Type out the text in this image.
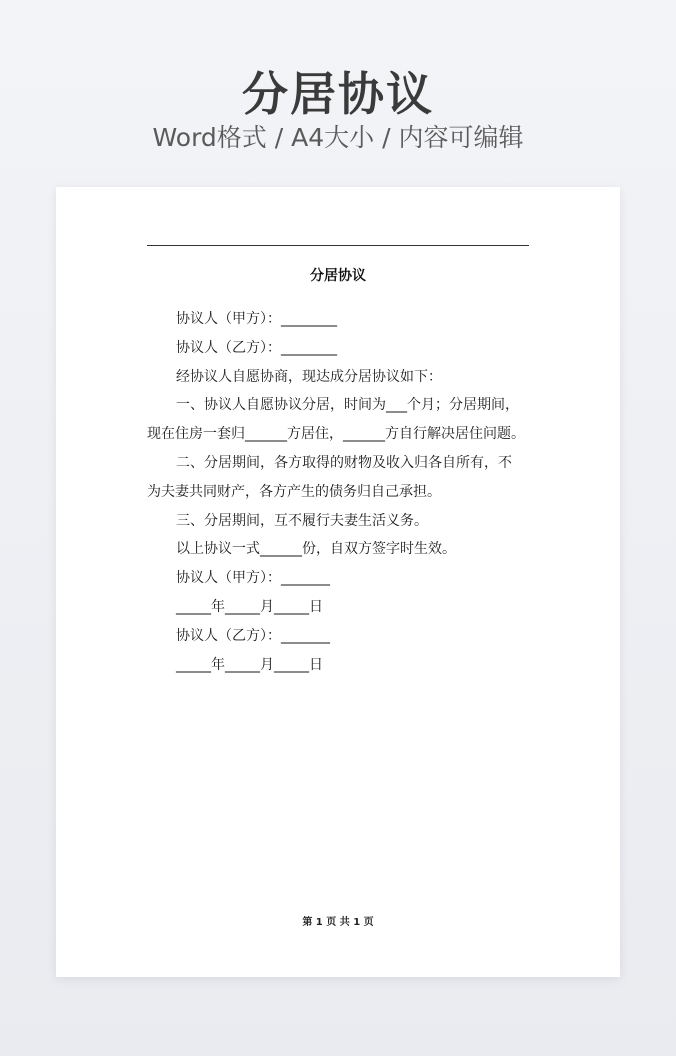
分居协议
Word格式 / A4大小 / 内容可编辑
分居协议

协议人（甲方）：________

协议人（乙方）：________

经协议人自愿协商，现达成分居协议如下：

一、协议人自愿协议分居，时间为___个月；分居期间，

现在住房一套归______方居住，______方自行解决居住问题。

二、分居期间，各方取得的财物及收入归各自所有，不

为夫妻共同财产，各方产生的债务归自己承担。

三、分居期间，互不履行夫妻生活义务。

以上协议一式______份，自双方签字时生效。

协议人（甲方）：_______

_____年_____月_____日

协议人（乙方）：_______

_____年_____月_____日

第 1 页 共 1 页
